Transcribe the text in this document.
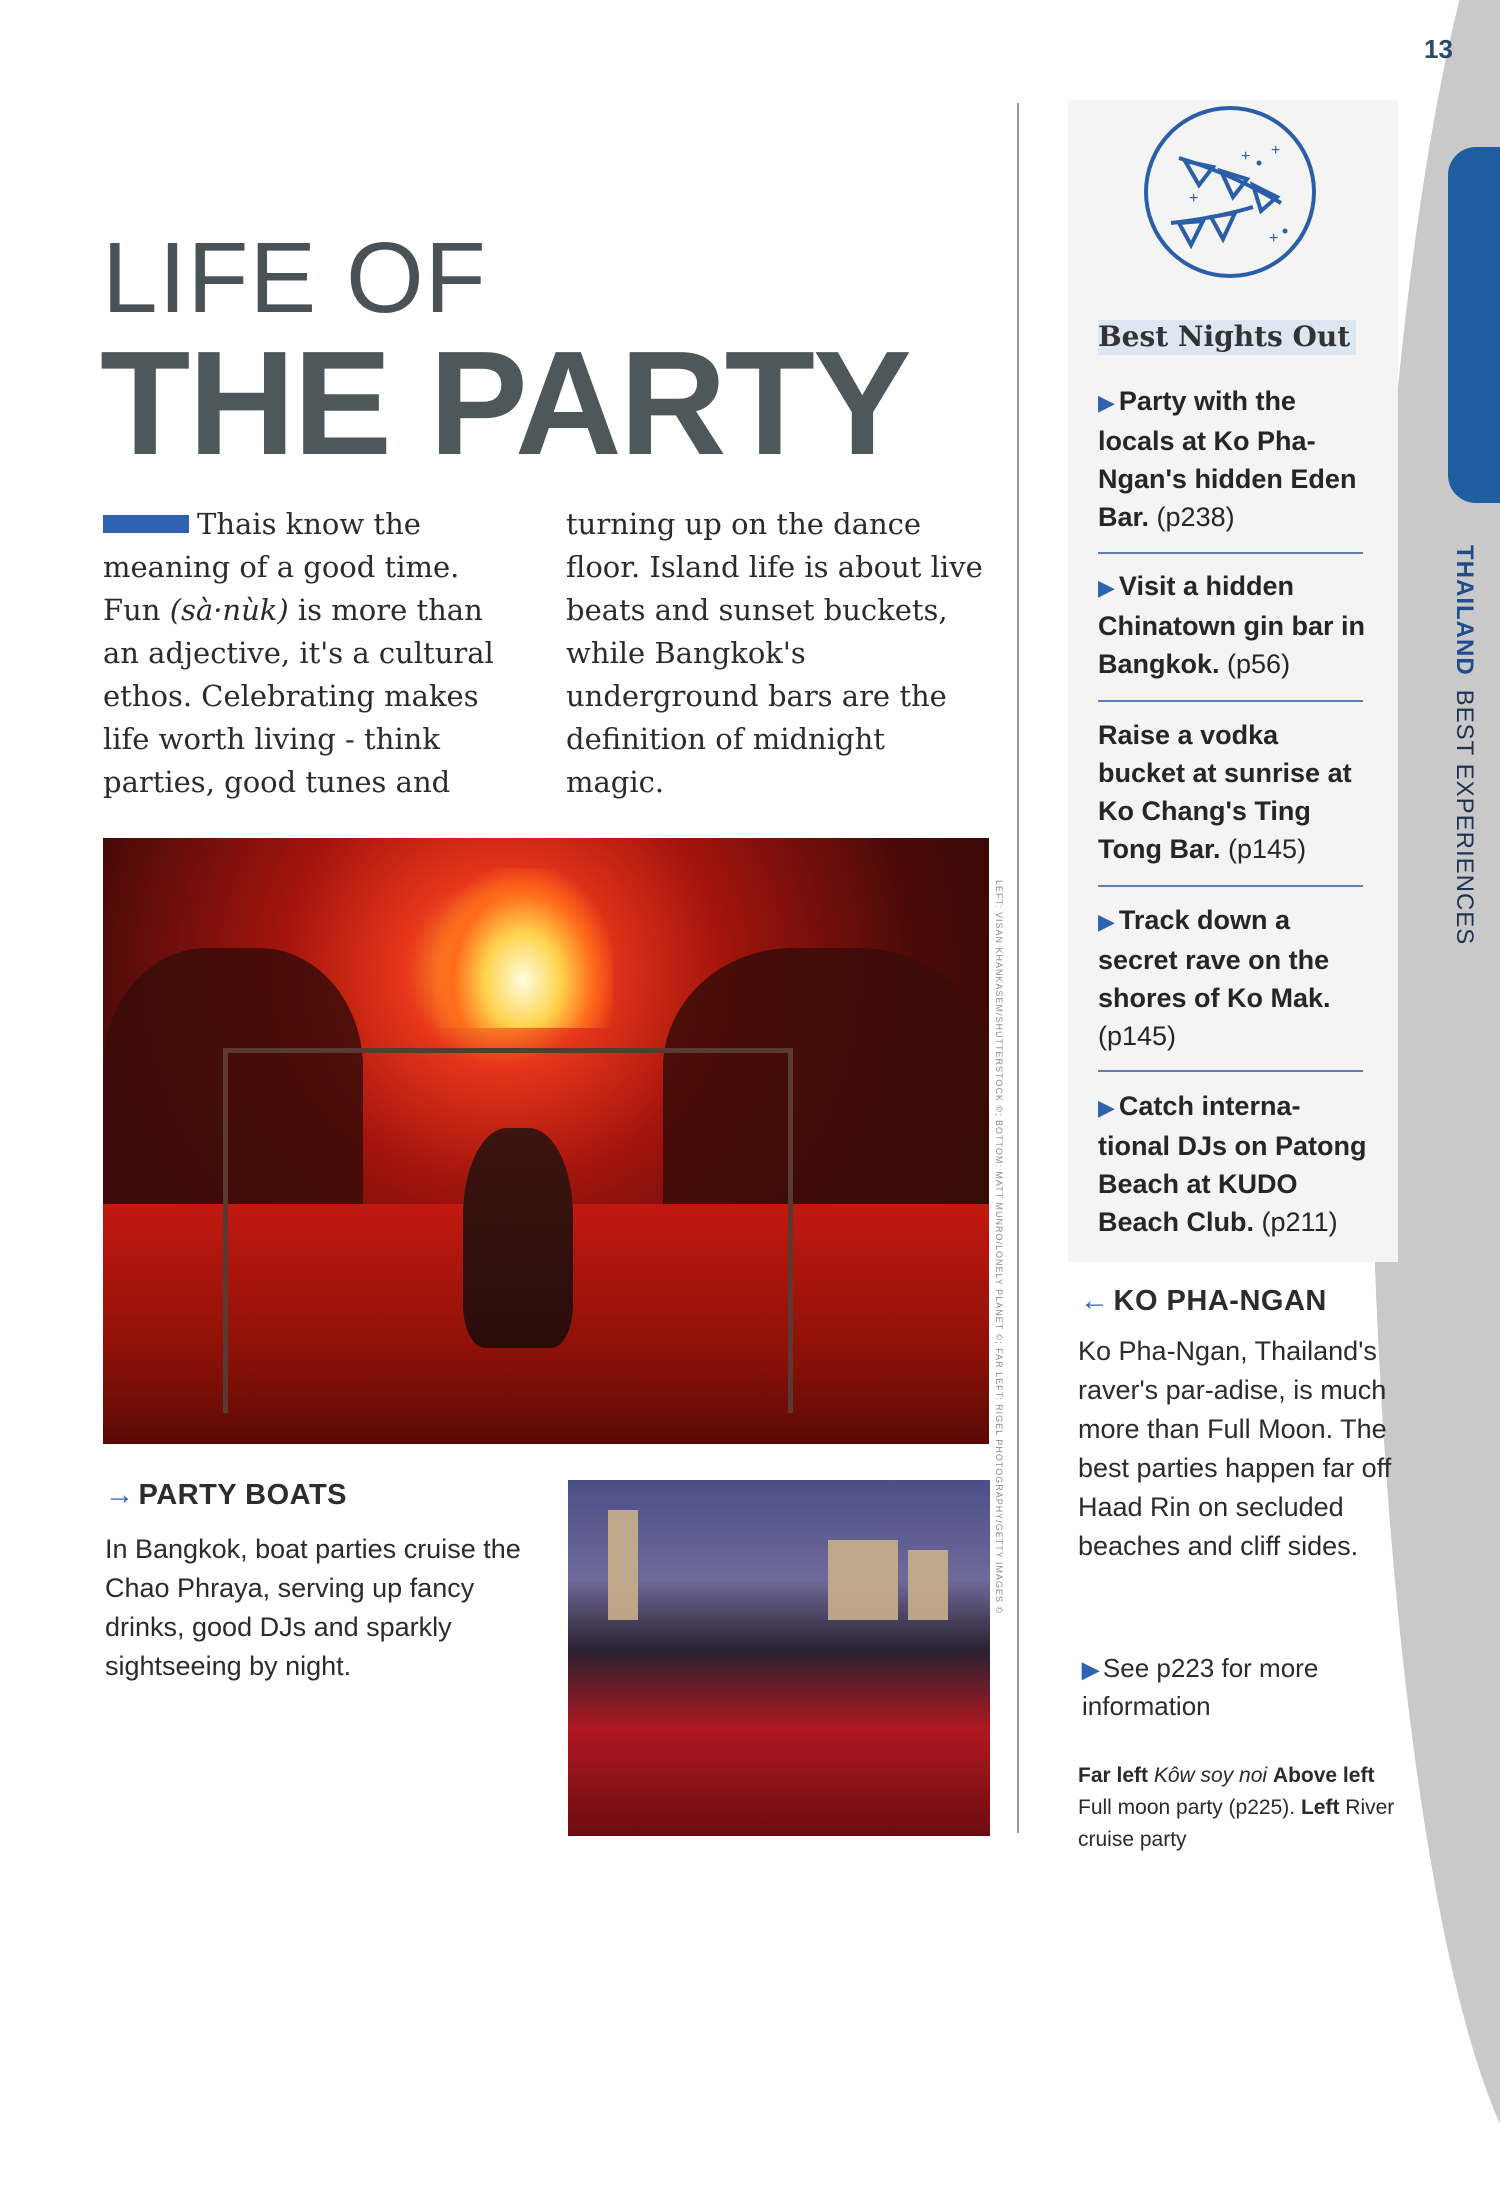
13
THAILANDBEST EXPERIENCES
LIFE OF
THE PARTY
Thais know the meaning of a good time. Fun (sà·nùk) is more than an adjective, it's a cultural ethos. Celebrating makes life worth living - think parties, good tunes and
turning up on the dance floor. Island life is about live beats and sunset buckets, while Bangkok's underground bars are the definition of midnight magic.
LEFT: VISAN KHANKASEM/SHUTTERSTOCK ©; BOTTOM: MATT MUNRO/LONELY PLANET ©; FAR LEFT: RIGEL PHOTOGRAPHY/GETTY IMAGES ©
→ PARTY BOATS
In Bangkok, boat parties cruise the Chao Phraya, serving up fancy drinks, good DJs and sparkly sightseeing by night.
+ +
+
+
Best Nights Out
▶ Party with the locals at Ko Pha-Ngan's hidden Eden Bar. (p238)
▶ Visit a hidden Chinatown gin bar in Bangkok. (p56)
Raise a vodka bucket at sunrise at Ko Chang's Ting Tong Bar. (p145)
▶ Track down a secret rave on the shores of Ko Mak. (p145)
▶ Catch interna-tional DJs on Patong Beach at KUDO Beach Club. (p211)
← KO PHA-NGAN
Ko Pha-Ngan, Thailand's raver's par-adise, is much more than Full Moon. The best parties happen far off Haad Rin on secluded beaches and cliff sides.
▶ See p223 for more information
Far left Kôw soy noi Above left Full moon party (p225). Left River cruise party
